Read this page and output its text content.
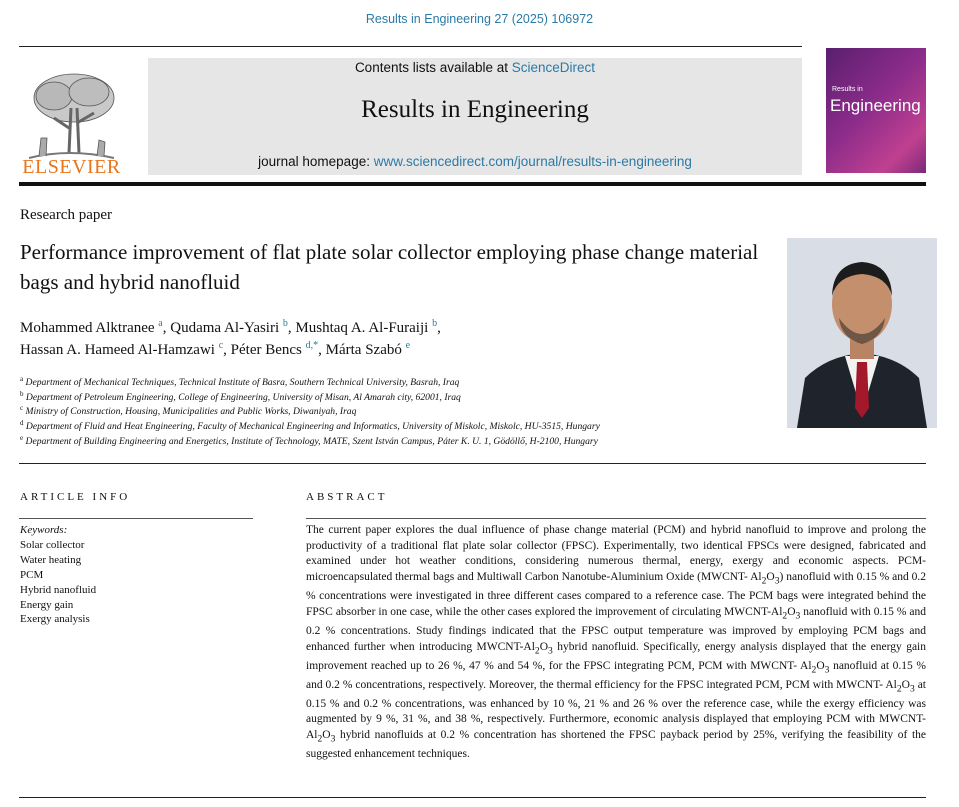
Results in Engineering 27 (2025) 106972
ELSEVIER
Contents lists available at ScienceDirect
Results in Engineering
journal homepage: www.sciencedirect.com/journal/results-in-engineering
Results in
Engineering
Research paper
Performance improvement of flat plate solar collector employing phase change material bags and hybrid nanofluid
Mohammed Alktranee $^a$, Qudama Al-Yasiri $^b$, Mushtaq A. Al-Furaiji $^b$,
Hassan A. Hameed Al-Hamzawi $^c$, Péter Bencs $^{d,*}$, Márta Szabó $^e$
$^a$ Department of Mechanical Techniques, Technical Institute of Basra, Southern Technical University, Basrah, Iraq
$^b$ Department of Petroleum Engineering, College of Engineering, University of Misan, Al Amarah city, 62001, Iraq
$^c$ Ministry of Construction, Housing, Municipalities and Public Works, Diwaniyah, Iraq
$^d$ Department of Fluid and Heat Engineering, Faculty of Mechanical Engineering and Informatics, University of Miskolc, Miskolc, HU-3515, Hungary
$^e$ Department of Building Engineering and Energetics, Institute of Technology, MATE, Szent István Campus, Páter K. U. 1, Gödöllő, H-2100, Hungary
ARTICLE INFO
Keywords:
Solar collector
Water heating
PCM
Hybrid nanofluid
Energy gain
Exergy analysis
ABSTRACT
The current paper explores the dual influence of phase change material (PCM) and hybrid nanofluid to improve and prolong the productivity of a traditional flat plate solar collector (FPSC). Experimentally, two identical FPSCs were designed, fabricated and examined under hot weather conditions, considering numerous thermal, energy, exergy and economic aspects. PCM-microencapsulated thermal bags and Multiwall Carbon Nanotube-Aluminium Oxide (MWCNT- $Al_2O_3$) nanofluid with 0.15 % and 0.2 % concentrations were investigated in three different cases compared to a reference case. The PCM bags were integrated behind the FPSC absorber in one case, while the other cases explored the improvement of circulating MWCNT-$Al_2O_3$ nanofluid with 0.15 % and 0.2 % concentrations. Study findings indicated that the FPSC output temperature was improved by employing PCM bags and enhanced further when introducing MWCNT-$Al_2O_3$ hybrid nanofluid. Specifically, energy analysis displayed that the energy gain improvement reached up to 26 %, 47 % and 54 %, for the FPSC integrating PCM, PCM with MWCNT- $Al_2O_3$ nanofluid at 0.15 % and 0.2 % concentrations, respectively. Moreover, the thermal efficiency for the FPSC integrated PCM, PCM with MWCNT- $Al_2O_3$ at 0.15 % and 0.2 % concentrations, was enhanced by 10 %, 21 % and 26 % over the reference case, while the exergy efficiency was augmented by 9 %, 31 %, and 38 %, respectively. Furthermore, economic analysis displayed that employing PCM with MWCNT-$Al_2O_3$ hybrid nanofluids at 0.2 % concentration has shortened the FPSC payback period by 25%, verifying the feasibility of the suggested enhancement techniques.
